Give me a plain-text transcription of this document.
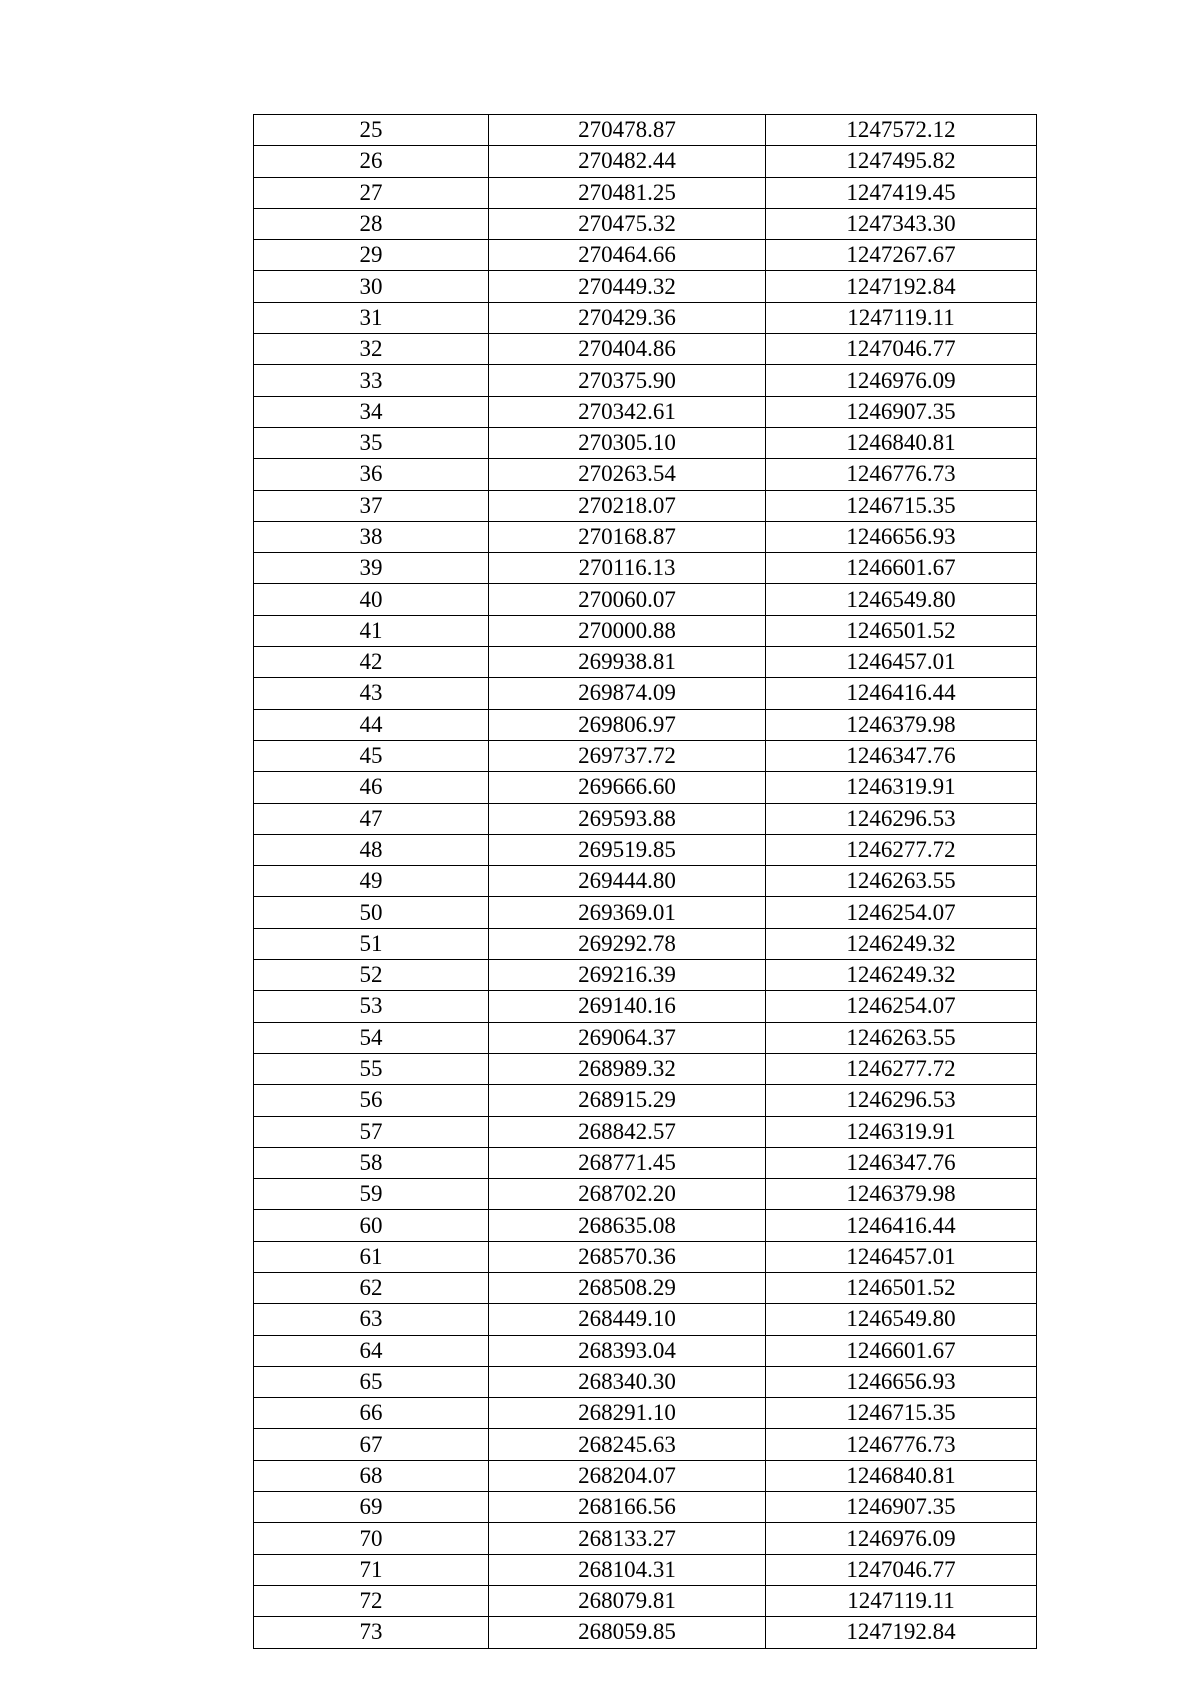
25	270478.87	1247572.12
26	270482.44	1247495.82
27	270481.25	1247419.45
28	270475.32	1247343.30
29	270464.66	1247267.67
30	270449.32	1247192.84
31	270429.36	1247119.11
32	270404.86	1247046.77
33	270375.90	1246976.09
34	270342.61	1246907.35
35	270305.10	1246840.81
36	270263.54	1246776.73
37	270218.07	1246715.35
38	270168.87	1246656.93
39	270116.13	1246601.67
40	270060.07	1246549.80
41	270000.88	1246501.52
42	269938.81	1246457.01
43	269874.09	1246416.44
44	269806.97	1246379.98
45	269737.72	1246347.76
46	269666.60	1246319.91
47	269593.88	1246296.53
48	269519.85	1246277.72
49	269444.80	1246263.55
50	269369.01	1246254.07
51	269292.78	1246249.32
52	269216.39	1246249.32
53	269140.16	1246254.07
54	269064.37	1246263.55
55	268989.32	1246277.72
56	268915.29	1246296.53
57	268842.57	1246319.91
58	268771.45	1246347.76
59	268702.20	1246379.98
60	268635.08	1246416.44
61	268570.36	1246457.01
62	268508.29	1246501.52
63	268449.10	1246549.80
64	268393.04	1246601.67
65	268340.30	1246656.93
66	268291.10	1246715.35
67	268245.63	1246776.73
68	268204.07	1246840.81
69	268166.56	1246907.35
70	268133.27	1246976.09
71	268104.31	1247046.77
72	268079.81	1247119.11
73	268059.85	1247192.84
